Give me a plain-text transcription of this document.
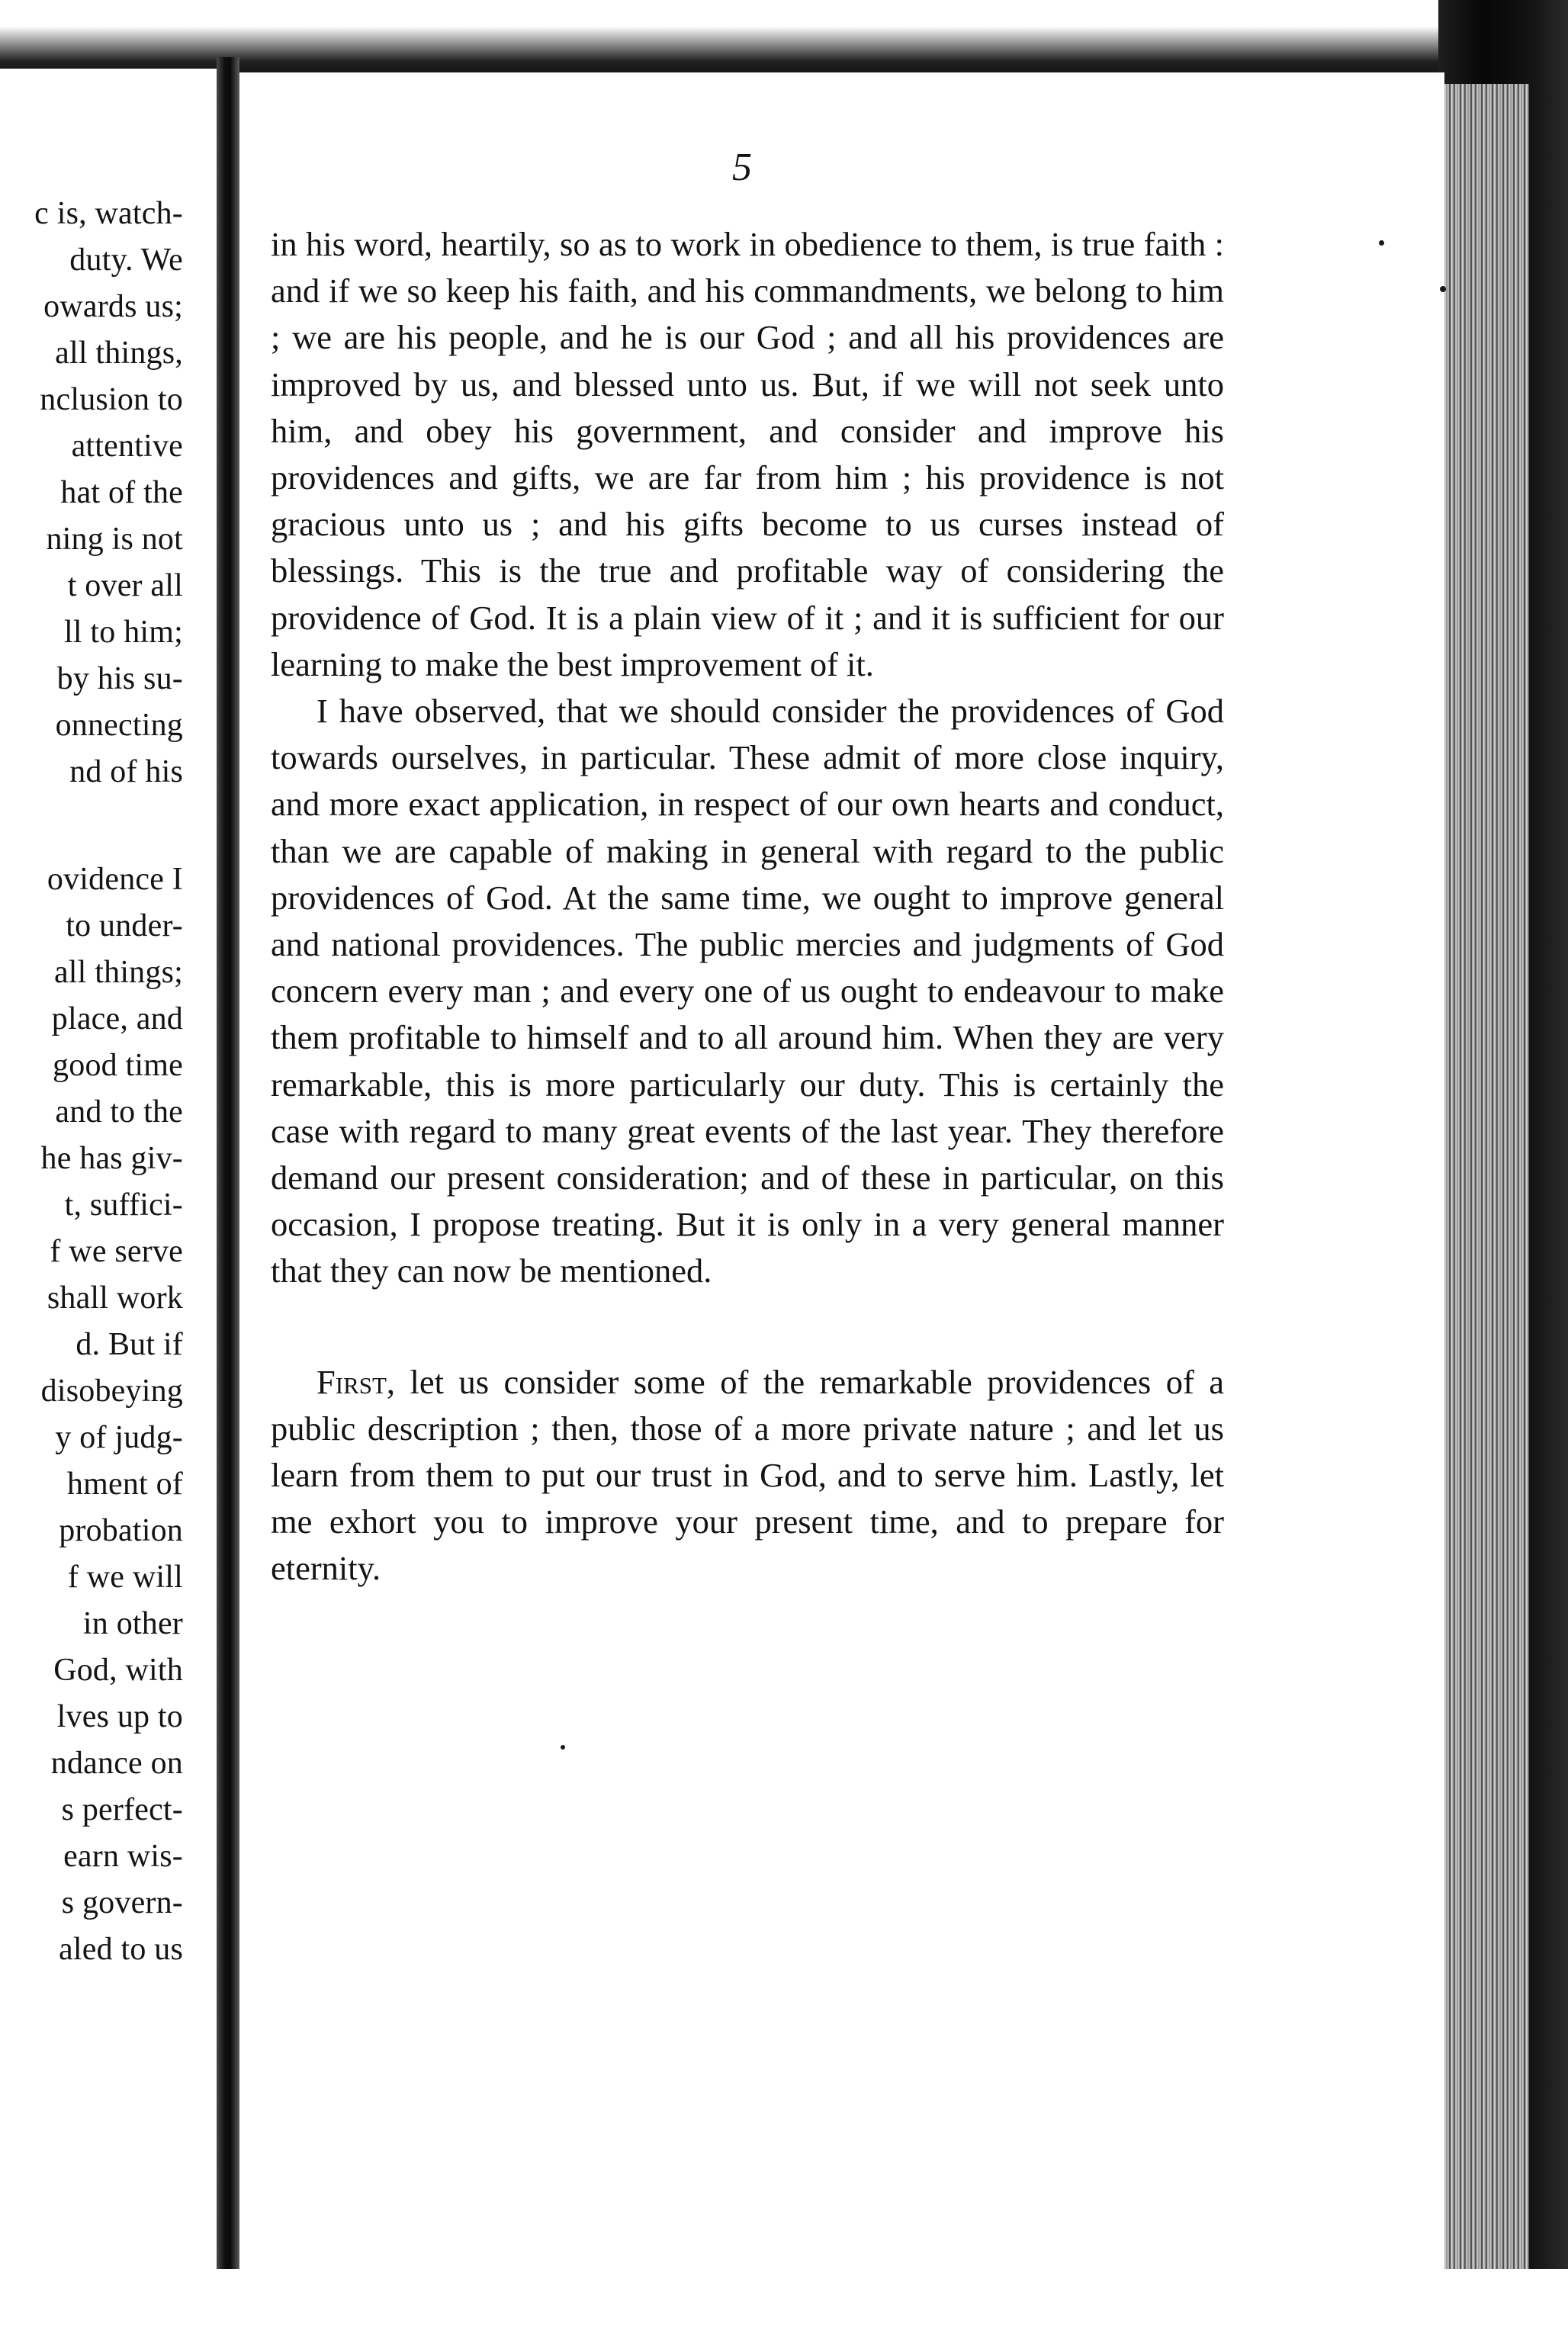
c is, watch-
duty. We
owards us;
all things,
nclusion to
attentive
hat of the
ning is not
t over all
ll to him;
by his su-
onnecting
nd of his
ovidence I
to under-
all things;
place, and
good time
and to the
he has giv-
t, suffici-
f we serve
shall work
d. But if
disobeying
y of judg-
hment of
probation
f we will
in other
God, with
lves up to
ndance on
s perfect-
earn wis-
s govern-
aled to us
5

in his word, heartily, so as to work in obedience to them, is true faith : and if we so keep his faith, and his commandments, we belong to him ; we are his people, and he is our God ; and all his providences are improved by us, and blessed unto us. But, if we will not seek unto him, and obey his government, and consider and improve his providences and gifts, we are far from him ; his providence is not gracious unto us ; and his gifts become to us curses instead of blessings. This is the true and profitable way of considering the providence of God. It is a plain view of it ; and it is sufficient for our learning to make the best improvement of it.

I have observed, that we should consider the providences of God towards ourselves, in particular. These admit of more close inquiry, and more exact application, in respect of our own hearts and conduct, than we are capable of making in general with regard to the public providences of God. At the same time, we ought to improve general and national providences. The public mercies and judgments of God concern every man ; and every one of us ought to endeavour to make them profitable to himself and to all around him. When they are very remarkable, this is more particularly our duty. This is certainly the case with regard to many great events of the last year. They therefore demand our present consideration; and of these in particular, on this occasion, I propose treating. But it is only in a very general manner that they can now be mentioned.

First, let us consider some of the remarkable providences of a public description ; then, those of a more private nature ; and let us learn from them to put our trust in God, and to serve him. Lastly, let me exhort you to improve your present time, and to prepare for eternity.
